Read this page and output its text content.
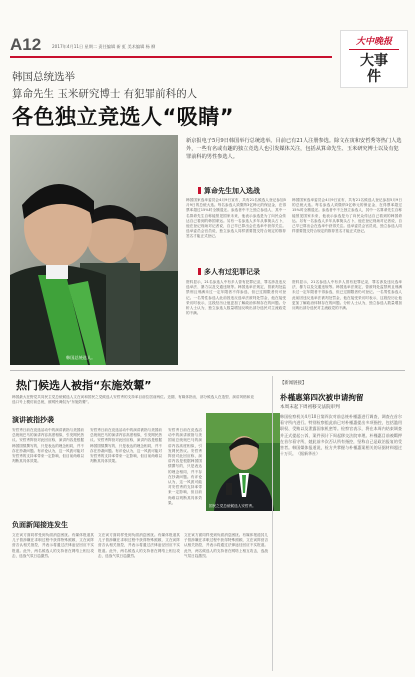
A12	2017年4月11日 星期二 责任编辑 新 虹 美术编辑 杨 柳	大中晚报
大事件
韩国总统选举
算命先生 玉米研究博士 有犯罪前科的人
各色独立竞选人“吸睛”
韩国总统选人。
新京报电子5月9日韩国举行总统选举。目前已有21人注册参选。除文在寅和安哲秀等热门人选外，一些有名或有趣的独立竞选人也引发媒体关注，包括从算命先生、玉米研究博士以及有犯罪前科的男性参选人。
算命先生加入选战
韩国国家选举委员会4月9日宣布，共有21名候选人登记参加5月9日的总统大选。每名参选人须缴纳3亿韩元的保证金，在得票率超过15%时全额退还。参选者中不乏独立参选人，其中一名算命先生自称能预见国家未来，他表示参选是为了向民众传达自己看到的韩国命运。另有一名参选人多年从事街头占卜，他在登记现场对记者说，自己早已算出会在选举中获得关注。选举委员会官员说，独立参选人同样需要提交符合规定的推荐签名才能正式登记。
韩国国家选举委员会4月9日宣布，共有21名候选人登记参加5月9日的总统大选。每名参选人须缴纳3亿韩元的保证金，在得票率超过15%时全额退还。参选者中不乏独立参选人，其中一名算命先生自称能预见国家未来，他表示参选是为了向民众传达自己看到的韩国命运。另有一名参选人多年从事街头占卜，他在登记现场对记者说，自己早已算出会在选举中获得关注。选举委员会官员说，独立参选人同样需要提交符合规定的推荐签名才能正式登记。
多人有过犯罪记录
资料显示，21名参选人中有多人曾有犯罪记录，罪名涉及违反选举法、暴力以及交通违规等。韩国选举法规定，曾被判处监禁刑且刑满未过一定年限者不得参选，但已过期限者仍可登记。一名男性参选人此前因违反选举法被判处罚金，他在接受采访时表示，这段经历让他更加了解政治体制存在的问题。分析人士认为，独立参选人数量增加反映出部分选民对主流政党的不满。
资料显示，21名参选人中有多人曾有犯罪记录，罪名涉及违反选举法、暴力以及交通违规等。韩国选举法规定，曾被判处监禁刑且刑满未过一定年限者不得参选，但已过期限者仍可登记。一名男性参选人此前因违反选举法被判处罚金，他在接受采访时表示，这段经历让他更加了解政治体制存在的问题。分析人士认为，独立参选人数量增加反映出部分选民对主流政党的不满。
热门候选人被指“东施效颦”
韩国最大在野党共同民主党总统候选人文在寅和国民之党候选人安哲秀的支持率目前位居前两位。近期，有媒体指出，部分候选人在造型、演讲风格和竞选口号上模仿前总统，被网民调侃为“东施效颦”。
演讲被指抄袭
安哲秀日前在竞选活动中的演讲被指与美国前总统奥巴马的演讲内容高度相似，引发网民热议。安哲秀阵营对此回应称，演讲内容是根据韩国国情撰写的，只是表达的理念相同，并不存在抄袭问题。有评论认为，这一风波可能对安哲秀的支持率带来一定影响，但目前尚难以判断其具体效果。
安哲秀日前在竞选活动中的演讲被指与美国前总统奥巴马的演讲内容高度相似，引发网民热议。安哲秀阵营对此回应称，演讲内容是根据韩国国情撰写的，只是表达的理念相同，并不存在抄袭问题。有评论认为，这一风波可能对安哲秀的支持率带来一定影响，但目前尚难以判断其具体效果。
安哲秀日前在竞选活动中的演讲被指与美国前总统奥巴马的演讲内容高度相似，引发网民热议。安哲秀阵营对此回应称，演讲内容是根据韩国国情撰写的，只是表达的理念相同，并不存在抄袭问题。有评论认为，这一风波可能对安哲秀的支持率带来一定影响，但目前尚难以判断其具体效果。
国民之党总统候选人安哲秀。
负面新闻接连发生
文在寅方面同样受到负面消息困扰。有媒体报道其儿子曾涉嫌在求职过程中获得特殊照顾，文在寅阵营否认相关指控，并表示将通过法律途径回应不实报道。此外，两名候选人的支持者在网络上相互攻击，选战气氛日趋激烈。
文在寅方面同样受到负面消息困扰。有媒体报道其儿子曾涉嫌在求职过程中获得特殊照顾，文在寅阵营否认相关指控，并表示将通过法律途径回应不实报道。此外，两名候选人的支持者在网络上相互攻击，选战气氛日趋激烈。
文在寅方面同样受到负面消息困扰。有媒体报道其儿子曾涉嫌在求职过程中获得特殊照顾，文在寅阵营否认相关指控，并表示将通过法律途径回应不实报道。此外，两名候选人的支持者在网络上相互攻击，选战气氛日趋激烈。
【新闻链接】
朴槿惠第四次被申请拘留
本周末起下周初移交法院审判
韩国检察机关4月10日第四次对前总统朴槿惠进行调查，调查在首尔看守所内进行。特别检察组此前已对朴槿惠提出多项指控，包括滥用职权、受贿以及泄露国家机密等。检察官表示，将在本周内结束调查并正式提起公诉，案件预计下周起移交法院审理。朴槿惠目前被羁押在首尔看守所，她此前多次否认所有指控，坚称自己是政治报复的受害者。韩国媒体报道说，检方共掌握与朴槿惠案相关的证据材料超过十万页。（据新华社）
